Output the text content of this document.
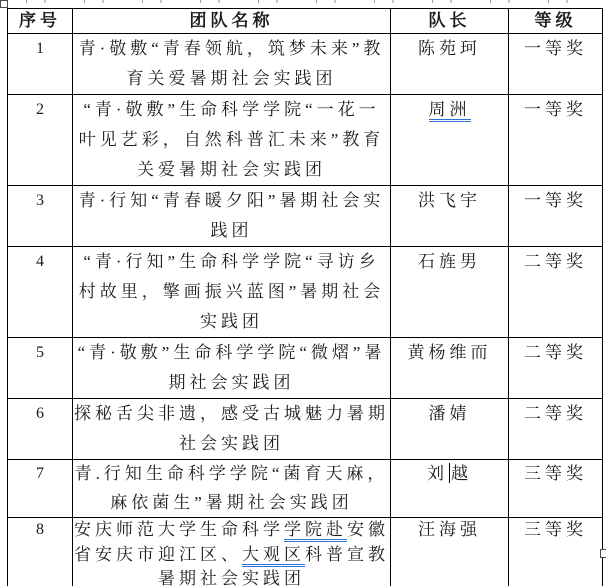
序号	团队名称	队长	等级
1	青·敬敷“青春领航，筑梦未来”教育关爱暑期社会实践团	陈苑珂	一等奖
2	“青·敬敷”生命科学学院“一花一叶见艺彩，自然科普汇未来”教育关爱暑期社会实践团	周洲	一等奖
3	青·行知“青春暖夕阳”暑期社会实践团	洪飞宇	一等奖
4	“青·行知”生命科学学院“寻访乡村故里，擎画振兴蓝图”暑期社会实践团	石旌男	二等奖
5	“青·敬敷”生命科学学院“微熠”暑期社会实践团	黄杨维而	二等奖
6	探秘舌尖非遗，感受古城魅力暑期社会实践团	潘婧	二等奖
7	青.行知生命科学学院“菌育天麻，麻依菌生”暑期社会实践团	刘 越	三等奖
8	安庆师范大学生命科学学院赴安徽省安庆市迎江区、大观区科普宣教暑期社会实践团	汪海强	三等奖
